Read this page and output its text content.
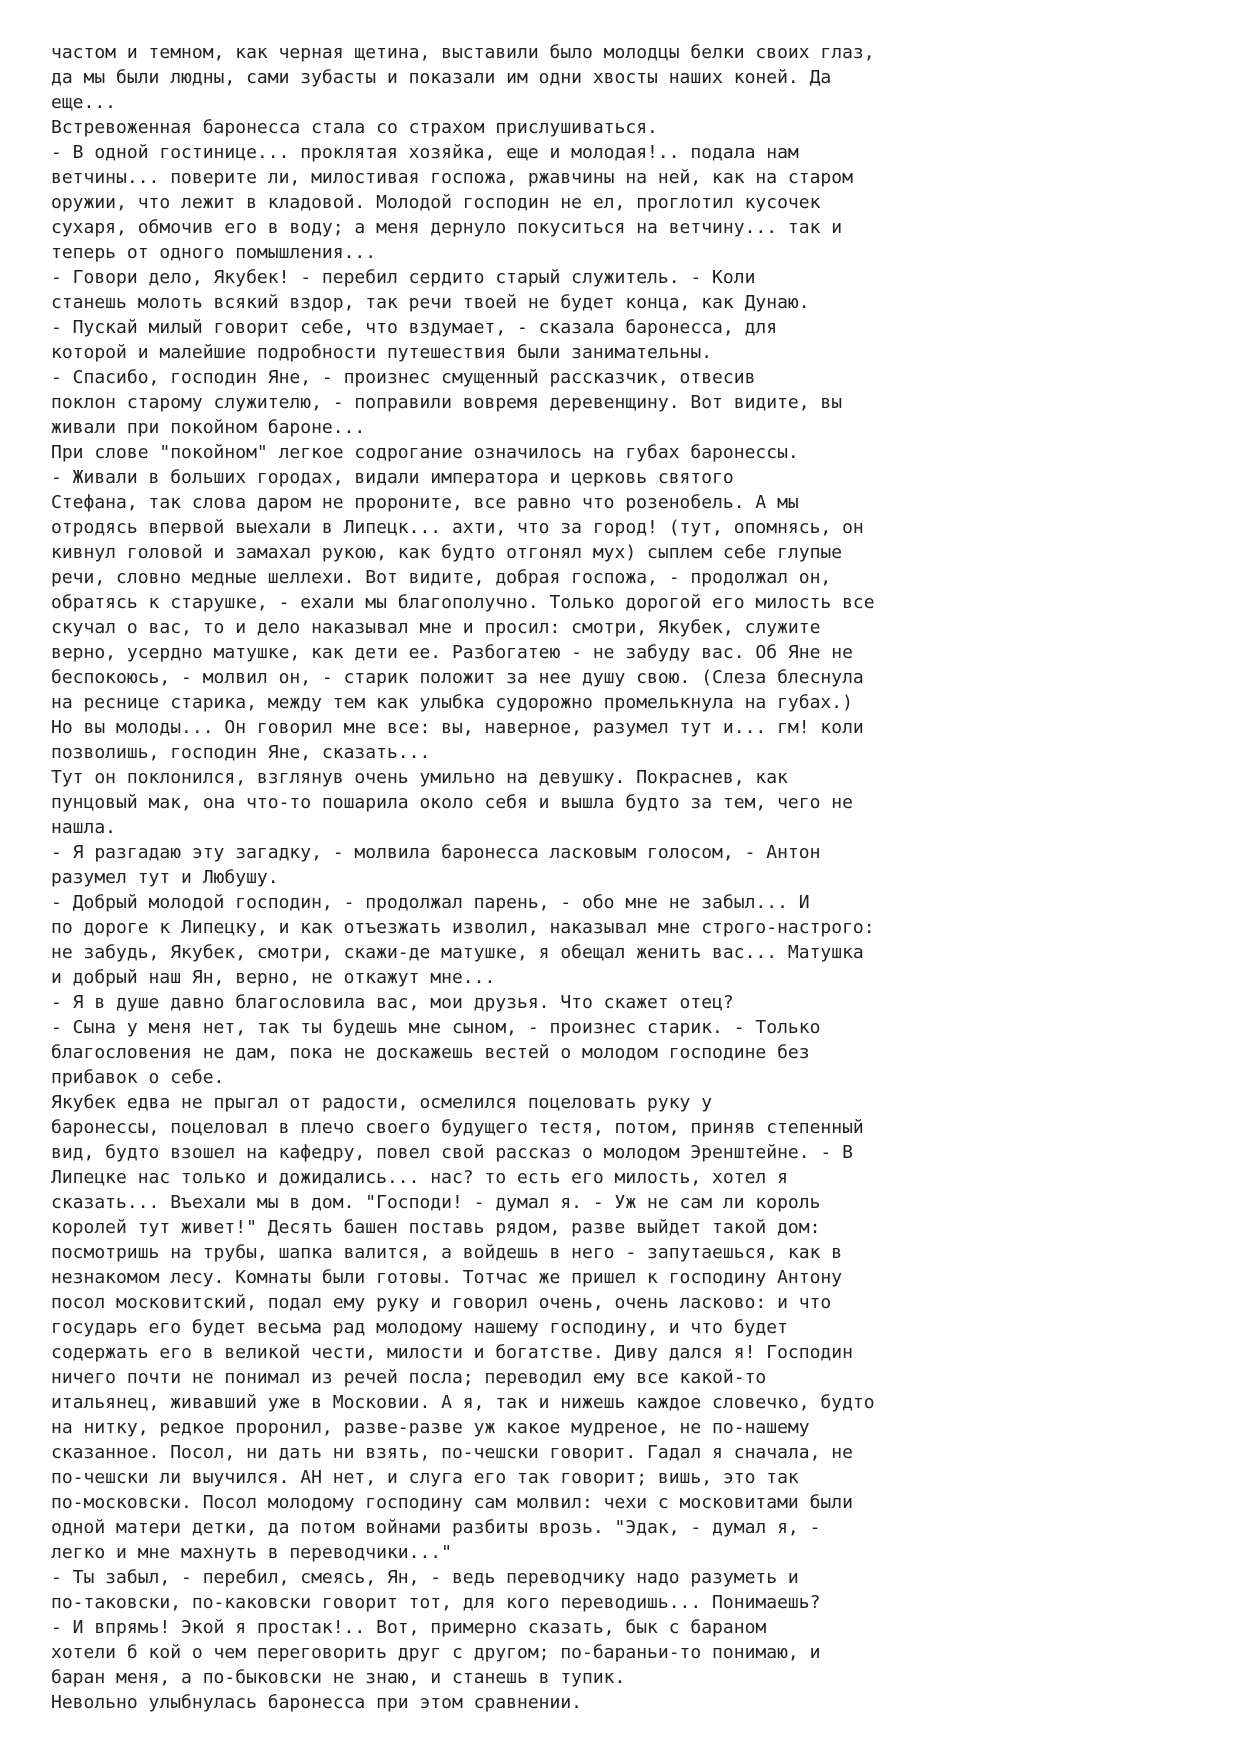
частом и темном, как черная щетина, выставили было молодцы белки своих глаз,
да мы были людны, сами зубасты и показали им одни хвосты наших коней. Да
еще...
Встревоженная баронесса стала со страхом прислушиваться.
- В одной гостинице... проклятая хозяйка, еще и молодая!.. подала нам
ветчины... поверите ли, милостивая госпожа, ржавчины на ней, как на старом
оружии, что лежит в кладовой. Молодой господин не ел, проглотил кусочек
сухаря, обмочив его в воду; а меня дернуло покуситься на ветчину... так и
теперь от одного помышления...
- Говори дело, Якубек! - перебил сердито старый служитель. - Коли
станешь молоть всякий вздор, так речи твоей не будет конца, как Дунаю.
- Пускай милый говорит себе, что вздумает, - сказала баронесса, для
которой и малейшие подробности путешествия были занимательны.
- Спасибо, господин Яне, - произнес смущенный рассказчик, отвесив
поклон старому служителю, - поправили вовремя деревенщину. Вот видите, вы
живали при покойном бароне...
При слове "покойном" легкое содрогание означилось на губах баронессы.
- Живали в больших городах, видали императора и церковь святого
Стефана, так слова даром не пророните, все равно что розенобель. А мы
отродясь впервой выехали в Липецк... ахти, что за город! (тут, опомнясь, он
кивнул головой и замахал рукою, как будто отгонял мух) сыплем себе глупые
речи, словно медные шеллехи. Вот видите, добрая госпожа, - продолжал он,
обратясь к старушке, - ехали мы благополучно. Только дорогой его милость все
скучал о вас, то и дело наказывал мне и просил: смотри, Якубек, служите
верно, усердно матушке, как дети ее. Разбогатею - не забуду вас. Об Яне не
беспокоюсь, - молвил он, - старик положит за нее душу свою. (Слеза блеснула
на реснице старика, между тем как улыбка судорожно промелькнула на губах.)
Но вы молоды... Он говорил мне все: вы, наверное, разумел тут и... гм! коли
позволишь, господин Яне, сказать...
Тут он поклонился, взглянув очень умильно на девушку. Покраснев, как
пунцовый мак, она что-то пошарила около себя и вышла будто за тем, чего не
нашла.
- Я разгадаю эту загадку, - молвила баронесса ласковым голосом, - Антон
разумел тут и Любушу.
- Добрый молодой господин, - продолжал парень, - обо мне не забыл... И
по дороге к Липецку, и как отъезжать изволил, наказывал мне строго-настрого:
не забудь, Якубек, смотри, скажи-де матушке, я обещал женить вас... Матушка
и добрый наш Ян, верно, не откажут мне...
- Я в душе давно благословила вас, мои друзья. Что скажет отец?
- Сына у меня нет, так ты будешь мне сыном, - произнес старик. - Только
благословения не дам, пока не доскажешь вестей о молодом господине без
прибавок о себе.
Якубек едва не прыгал от радости, осмелился поцеловать руку у
баронессы, поцеловал в плечо своего будущего тестя, потом, приняв степенный
вид, будто взошел на кафедру, повел свой рассказ о молодом Эренштейне. - В
Липецке нас только и дожидались... нас? то есть его милость, хотел я
сказать... Въехали мы в дом. "Господи! - думал я. - Уж не сам ли король
королей тут живет!" Десять башен поставь рядом, разве выйдет такой дом:
посмотришь на трубы, шапка валится, а войдешь в него - запутаешься, как в
незнакомом лесу. Комнаты были готовы. Тотчас же пришел к господину Антону
посол московитский, подал ему руку и говорил очень, очень ласково: и что
государь его будет весьма рад молодому нашему господину, и что будет
содержать его в великой чести, милости и богатстве. Диву дался я! Господин
ничего почти не понимал из речей посла; переводил ему все какой-то
итальянец, живавший уже в Московии. А я, так и нижешь каждое словечко, будто
на нитку, редкое проронил, разве-разве уж какое мудреное, не по-нашему
сказанное. Посол, ни дать ни взять, по-чешски говорит. Гадал я сначала, не
по-чешски ли выучился. АН нет, и слуга его так говорит; вишь, это так
по-московски. Посол молодому господину сам молвил: чехи с московитами были
одной матери детки, да потом войнами разбиты врозь. "Эдак, - думал я, -
легко и мне махнуть в переводчики..."
- Ты забыл, - перебил, смеясь, Ян, - ведь переводчику надо разуметь и
по-таковски, по-каковски говорит тот, для кого переводишь... Понимаешь?
- И впрямь! Экой я простак!.. Вот, примерно сказать, бык с бараном
хотели б кой о чем переговорить друг с другом; по-бараньи-то понимаю, и
баран меня, а по-быковски не знаю, и станешь в тупик.
Невольно улыбнулась баронесса при этом сравнении.
